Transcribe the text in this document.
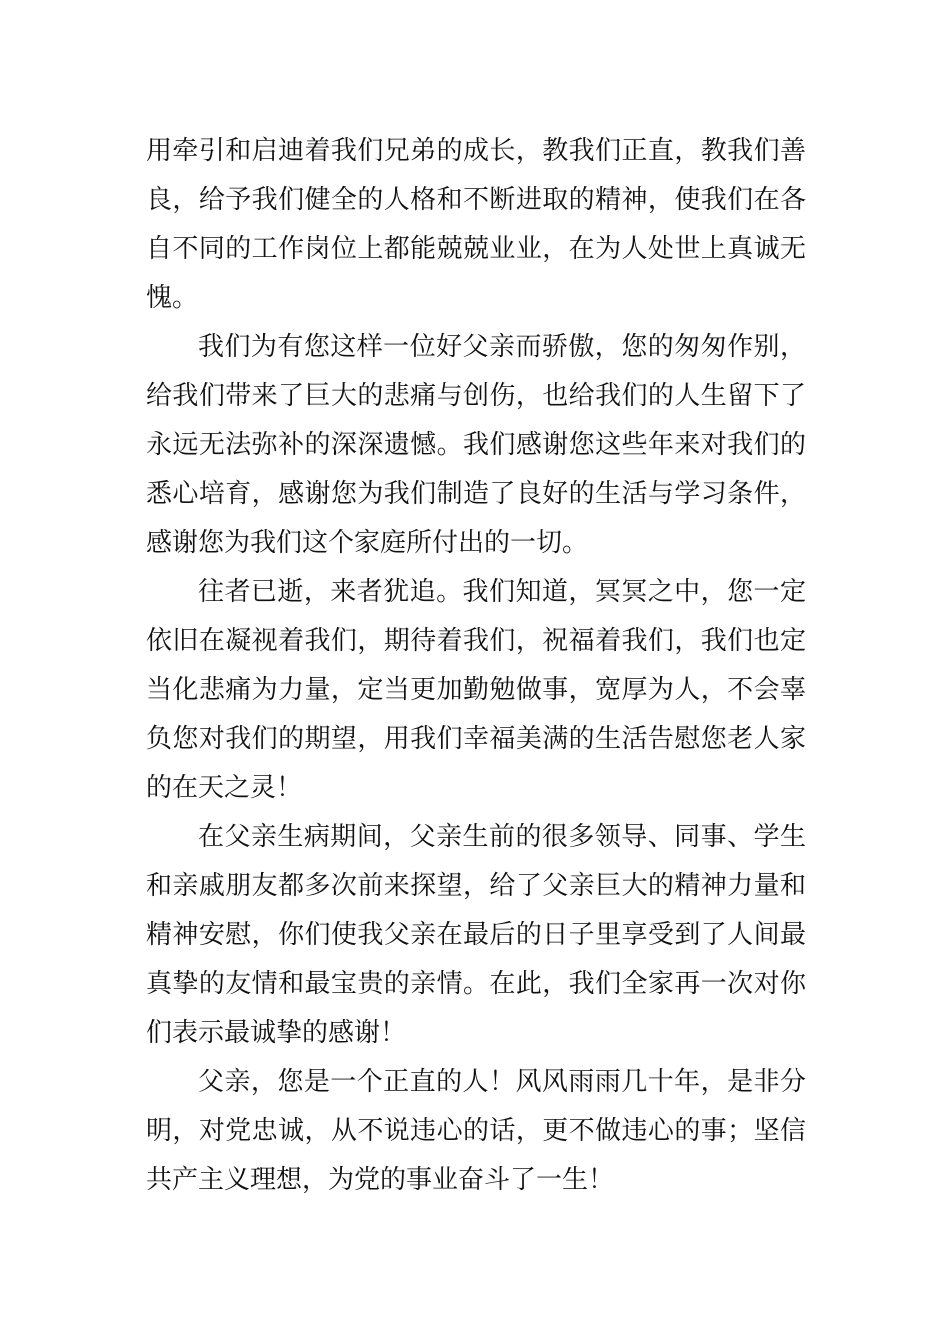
用牵引和启迪着我们兄弟的成长，教我们正直，教我们善良，给予我们健全的人格和不断进取的精神，使我们在各自不同的工作岗位上都能兢兢业业，在为人处世上真诚无愧。

我们为有您这样一位好父亲而骄傲，您的匆匆作别，给我们带来了巨大的悲痛与创伤，也给我们的人生留下了永远无法弥补的深深遗憾。我们感谢您这些年来对我们的悉心培育，感谢您为我们制造了良好的生活与学习条件，感谢您为我们这个家庭所付出的一切。

往者已逝，来者犹追。我们知道，冥冥之中，您一定依旧在凝视着我们，期待着我们，祝福着我们，我们也定当化悲痛为力量，定当更加勤勉做事，宽厚为人，不会辜负您对我们的期望，用我们幸福美满的生活告慰您老人家的在天之灵！

在父亲生病期间，父亲生前的很多领导、同事、学生和亲戚朋友都多次前来探望，给了父亲巨大的精神力量和精神安慰，你们使我父亲在最后的日子里享受到了人间最真挚的友情和最宝贵的亲情。在此，我们全家再一次对你们表示最诚挚的感谢！

父亲，您是一个正直的人！风风雨雨几十年，是非分明，对党忠诚，从不说违心的话，更不做违心的事；坚信共产主义理想，为党的事业奋斗了一生！
